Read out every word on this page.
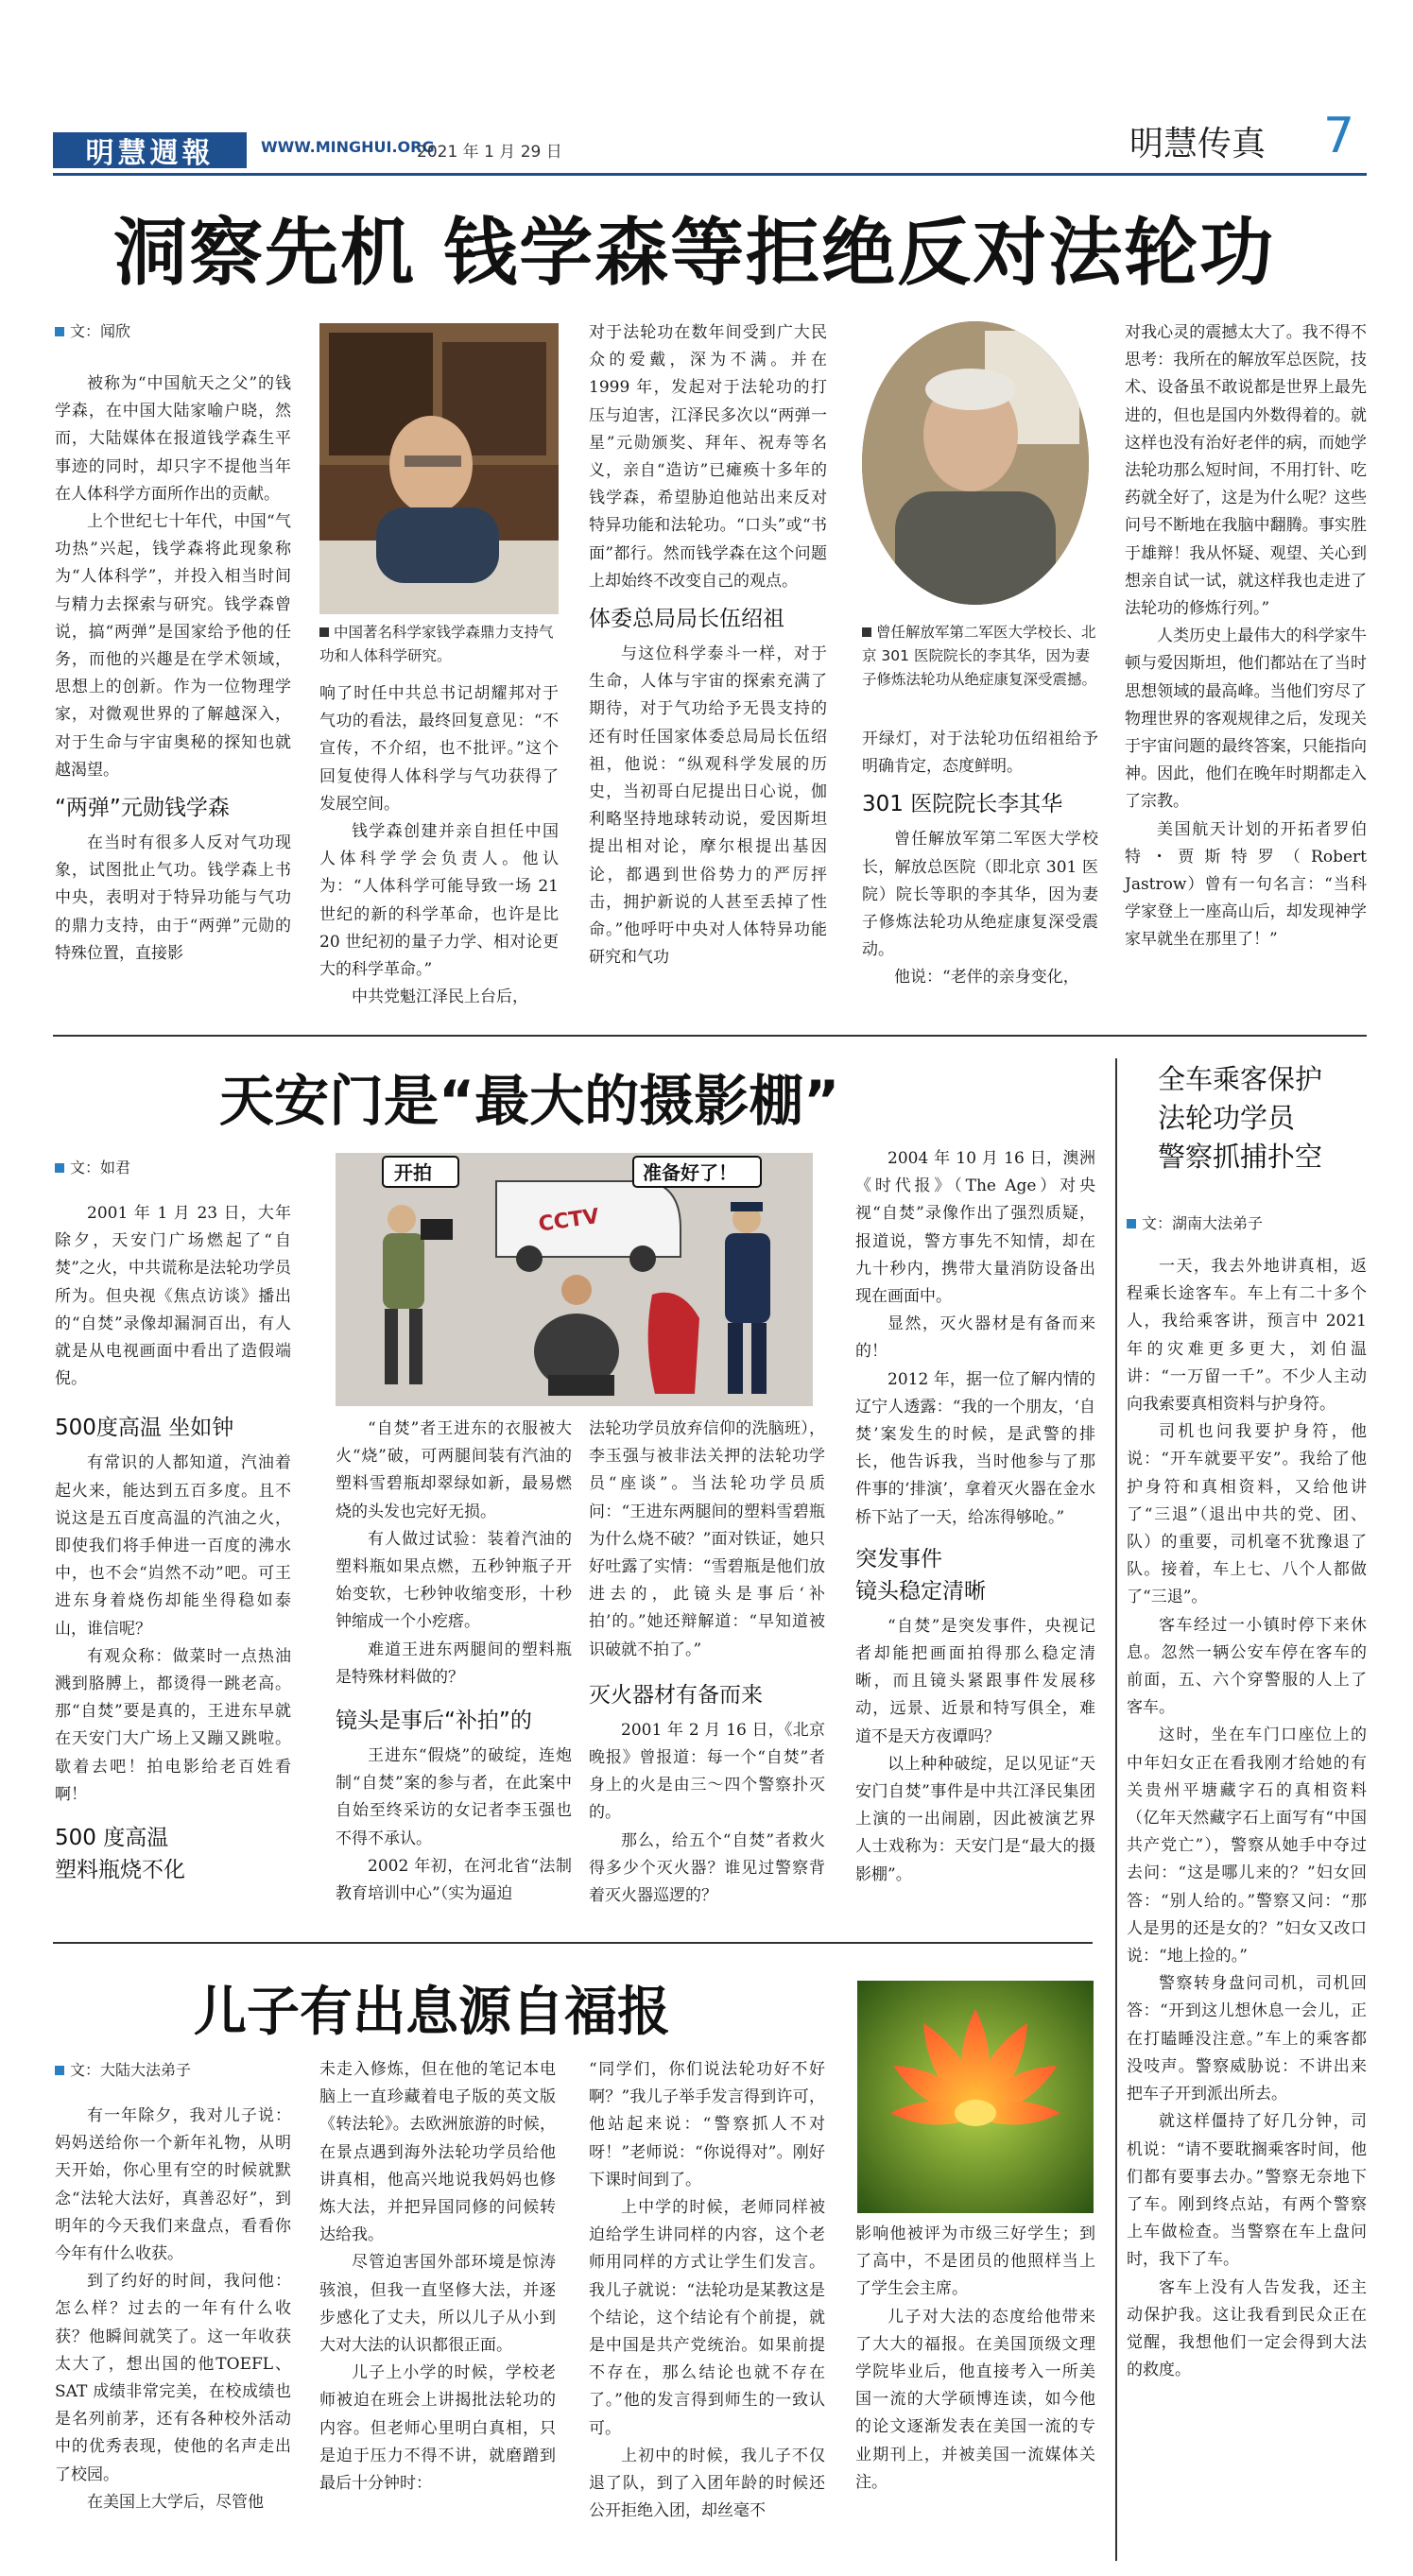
明慧週報	WWW.MINGHUI.ORG
2021 年 1 月 29 日	明慧传真 7
洞察先机 钱学森等拒绝反对法轮功
文：闻欣

被称为“中国航天之父”的钱学森，在中国大陆家喻户晓，然而，大陆媒体在报道钱学森生平事迹的同时，却只字不提他当年在人体科学方面所作出的贡献。

上个世纪七十年代，中国“气功热”兴起，钱学森将此现象称为“人体科学”，并投入相当时间与精力去探索与研究。钱学森曾说，搞“两弹”是国家给予他的任务，而他的兴趣是在学术领域，思想上的创新。作为一位物理学家，对微观世界的了解越深入，对于生命与宇宙奥秘的探知也就越渴望。

“两弹”元勋钱学森

在当时有很多人反对气功现象，试图批止气功。钱学森上书中央，表明对于特异功能与气功的鼎力支持，由于“两弹”元勋的特殊位置，直接影

中国著名科学家钱学森鼎力支持气功和人体科学研究。

响了时任中共总书记胡耀邦对于气功的看法，最终回复意见：“不宣传，不介绍，也不批评。”这个回复使得人体科学与气功获得了发展空间。

钱学森创建并亲自担任中国人体科学学会负责人。他认为：“人体科学可能导致一场 21 世纪的新的科学革命，也许是比 20 世纪初的量子力学、相对论更大的科学革命。”

中共党魁江泽民上台后，

对于法轮功在数年间受到广大民众的爱戴，深为不满。并在 1999 年，发起对于法轮功的打压与迫害，江泽民多次以“两弹一星”元勋颁奖、拜年、祝寿等名义，亲自“造访”已瘫痪十多年的钱学森，希望胁迫他站出来反对特异功能和法轮功。“口头”或“书面”都行。然而钱学森在这个问题上却始终不改变自己的观点。

体委总局局长伍绍祖

与这位科学泰斗一样，对于生命，人体与宇宙的探索充满了期待，对于气功给予无畏支持的还有时任国家体委总局局长伍绍祖，他说：“纵观科学发展的历史，当初哥白尼提出日心说，伽利略坚持地球转动说，爱因斯坦提出相对论，摩尔根提出基因论，都遇到世俗势力的严厉抨击，拥护新说的人甚至丢掉了性命。”他呼吁中央对人体特异功能研究和气功

曾任解放军第二军医大学校长、北京 301 医院院长的李其华，因为妻子修炼法轮功从绝症康复深受震撼。

开绿灯，对于法轮功伍绍祖给予明确肯定，态度鲜明。

301 医院院长李其华

曾任解放军第二军医大学校长，解放总医院（即北京 301 医院）院长等职的李其华，因为妻子修炼法轮功从绝症康复深受震动。

他说：“老伴的亲身变化，

对我心灵的震撼太大了。我不得不思考：我所在的解放军总医院，技术、设备虽不敢说都是世界上最先进的，但也是国内外数得着的。就这样也没有治好老伴的病，而她学法轮功那么短时间，不用打针、吃药就全好了，这是为什么呢？这些问号不断地在我脑中翻腾。事实胜于雄辩！我从怀疑、观望、关心到想亲自试一试，就这样我也走进了法轮功的修炼行列。”

人类历史上最伟大的科学家牛顿与爱因斯坦，他们都站在了当时思想领域的最高峰。当他们穷尽了物理世界的客观规律之后，发现关于宇宙问题的最终答案，只能指向神。因此，他们在晚年时期都走入了宗教。

美国航天计划的开拓者罗伯特・贾斯特罗（Robert Jastrow）曾有一句名言：“当科学家登上一座高山后，却发现神学家早就坐在那里了！”

天安门是“最大的摄影棚”
文：如君

2001 年 1 月 23 日，大年除夕，天安门广场燃起了“自焚”之火，中共谎称是法轮功学员所为。但央视《焦点访谈》播出的“自焚”录像却漏洞百出，有人就是从电视画面中看出了造假端倪。

500度高温 坐如钟

有常识的人都知道，汽油着起火来，能达到五百多度。且不说这是五百度高温的汽油之火，即使我们将手伸进一百度的沸水中，也不会“岿然不动”吧。可王进东身着烧伤却能坐得稳如泰山，谁信呢？

有观众称：做菜时一点热油溅到胳膊上，都烫得一跳老高。那“自焚”要是真的，王进东早就在天安门大广场上又蹦又跳啦。歇着去吧！拍电影给老百姓看啊！

500 度高温
塑料瓶烧不化
CCTV
开拍	准备好了！

“自焚”者王进东的衣服被大火“烧”破，可两腿间装有汽油的塑料雪碧瓶却翠绿如新，最易燃烧的头发也完好无损。

有人做过试验：装着汽油的塑料瓶如果点燃，五秒钟瓶子开始变软，七秒钟收缩变形，十秒钟缩成一个小疙瘩。

难道王进东两腿间的塑料瓶是特殊材料做的？

镜头是事后“补拍”的

王进东“假烧”的破绽，连炮制“自焚”案的参与者，在此案中自始至终采访的女记者李玉强也不得不承认。

2002 年初，在河北省“法制教育培训中心”（实为逼迫

法轮功学员放弃信仰的洗脑班），李玉强与被非法关押的法轮功学员“座谈”。当法轮功学员质问：“王进东两腿间的塑料雪碧瓶为什么烧不破？”面对铁证，她只好吐露了实情：“雪碧瓶是他们放进去的，此镜头是事后‘补拍’的。”她还辩解道：“早知道被识破就不拍了。”

灭火器材有备而来

2001 年 2 月 16 日，《北京晚报》曾报道：每一个“自焚”者身上的火是由三～四个警察扑灭的。

那么，给五个“自焚”者救火得多少个灭火器？谁见过警察背着灭火器巡逻的？

2004 年 10 月 16 日，澳洲《时代报》（The Age）对央视“自焚”录像作出了强烈质疑，报道说，警方事先不知情，却在九十秒内，携带大量消防设备出现在画面中。

显然，灭火器材是有备而来的！

2012 年，据一位了解内情的辽宁人透露：“我的一个朋友，‘自焚’案发生的时候，是武警的排长，他告诉我，当时他参与了那件事的‘排演’，拿着灭火器在金水桥下站了一天，给冻得够呛。”

突发事件
镜头稳定清晰

“自焚”是突发事件，央视记者却能把画面拍得那么稳定清晰，而且镜头紧跟事件发展移动，远景、近景和特写俱全，难道不是天方夜谭吗？

以上种种破绽，足以见证“天安门自焚”事件是中共江泽民集团上演的一出闹剧，因此被演艺界人士戏称为：天安门是“最大的摄影棚”。

全车乘客保护
法轮功学员
警察抓捕扑空
文：湖南大法弟子

一天，我去外地讲真相，返程乘长途客车。车上有二十多个人，我给乘客讲，预言中 2021 年的灾难更多更大，刘伯温讲：“一万留一千”。不少人主动向我索要真相资料与护身符。

司机也问我要护身符，他说：“开车就要平安”。我给了他护身符和真相资料，又给他讲了“三退”（退出中共的党、团、队）的重要，司机毫不犹豫退了队。接着，车上七、八个人都做了“三退”。

客车经过一小镇时停下来休息。忽然一辆公安车停在客车的前面，五、六个穿警服的人上了客车。

这时，坐在车门口座位上的中年妇女正在看我刚才给她的有关贵州平塘藏字石的真相资料（亿年天然藏字石上面写有“中国共产党亡”），警察从她手中夺过去问：“这是哪儿来的？”妇女回答：“别人给的。”警察又问：“那人是男的还是女的？”妇女又改口说：“地上捡的。”

警察转身盘问司机，司机回答：“开到这儿想休息一会儿，正在打瞌睡没注意。”车上的乘客都没吱声。警察威胁说：不讲出来把车子开到派出所去。

就这样僵持了好几分钟，司机说：“请不要耽搁乘客时间，他们都有要事去办。”警察无奈地下了车。刚到终点站，有两个警察上车做检查。当警察在车上盘问时，我下了车。

客车上没有人告发我，还主动保护我。这让我看到民众正在觉醒，我想他们一定会得到大法的救度。

儿子有出息源自福报
文：大陆大法弟子

有一年除夕，我对儿子说：妈妈送给你一个新年礼物，从明天开始，你心里有空的时候就默念“法轮大法好，真善忍好”，到明年的今天我们来盘点，看看你今年有什么收获。

到了约好的时间，我问他：怎么样？过去的一年有什么收获？他瞬间就笑了。这一年收获太大了，想出国的他TOEFL、SAT 成绩非常完美，在校成绩也是名列前茅，还有各种校外活动中的优秀表现，使他的名声走出了校园。

在美国上大学后，尽管他

未走入修炼，但在他的笔记本电脑上一直珍藏着电子版的英文版《转法轮》。去欧洲旅游的时候，在景点遇到海外法轮功学员给他讲真相，他高兴地说我妈妈也修炼大法，并把异国同修的问候转达给我。

尽管迫害国外部环境是惊涛骇浪，但我一直坚修大法，并逐步感化了丈夫，所以儿子从小到大对大法的认识都很正面。

儿子上小学的时候，学校老师被迫在班会上讲揭批法轮功的内容。但老师心里明白真相，只是迫于压力不得不讲，就磨蹭到最后十分钟时：

“同学们，你们说法轮功好不好啊？”我儿子举手发言得到许可，他站起来说：“警察抓人不对呀！”老师说：“你说得对”。刚好下课时间到了。

上中学的时候，老师同样被迫给学生讲同样的内容，这个老师用同样的方式让学生们发言。我儿子就说：“法轮功是某教这是个结论，这个结论有个前提，就是中国是共产党统治。如果前提不存在，那么结论也就不存在了。”他的发言得到师生的一致认可。

上初中的时候，我儿子不仅退了队，到了入团年龄的时候还公开拒绝入团，却丝毫不

影响他被评为市级三好学生；到了高中，不是团员的他照样当上了学生会主席。

儿子对大法的态度给他带来了大大的福报。在美国顶级文理学院毕业后，他直接考入一所美国一流的大学硕博连读，如今他的论文逐渐发表在美国一流的专业期刊上，并被美国一流媒体关注。
